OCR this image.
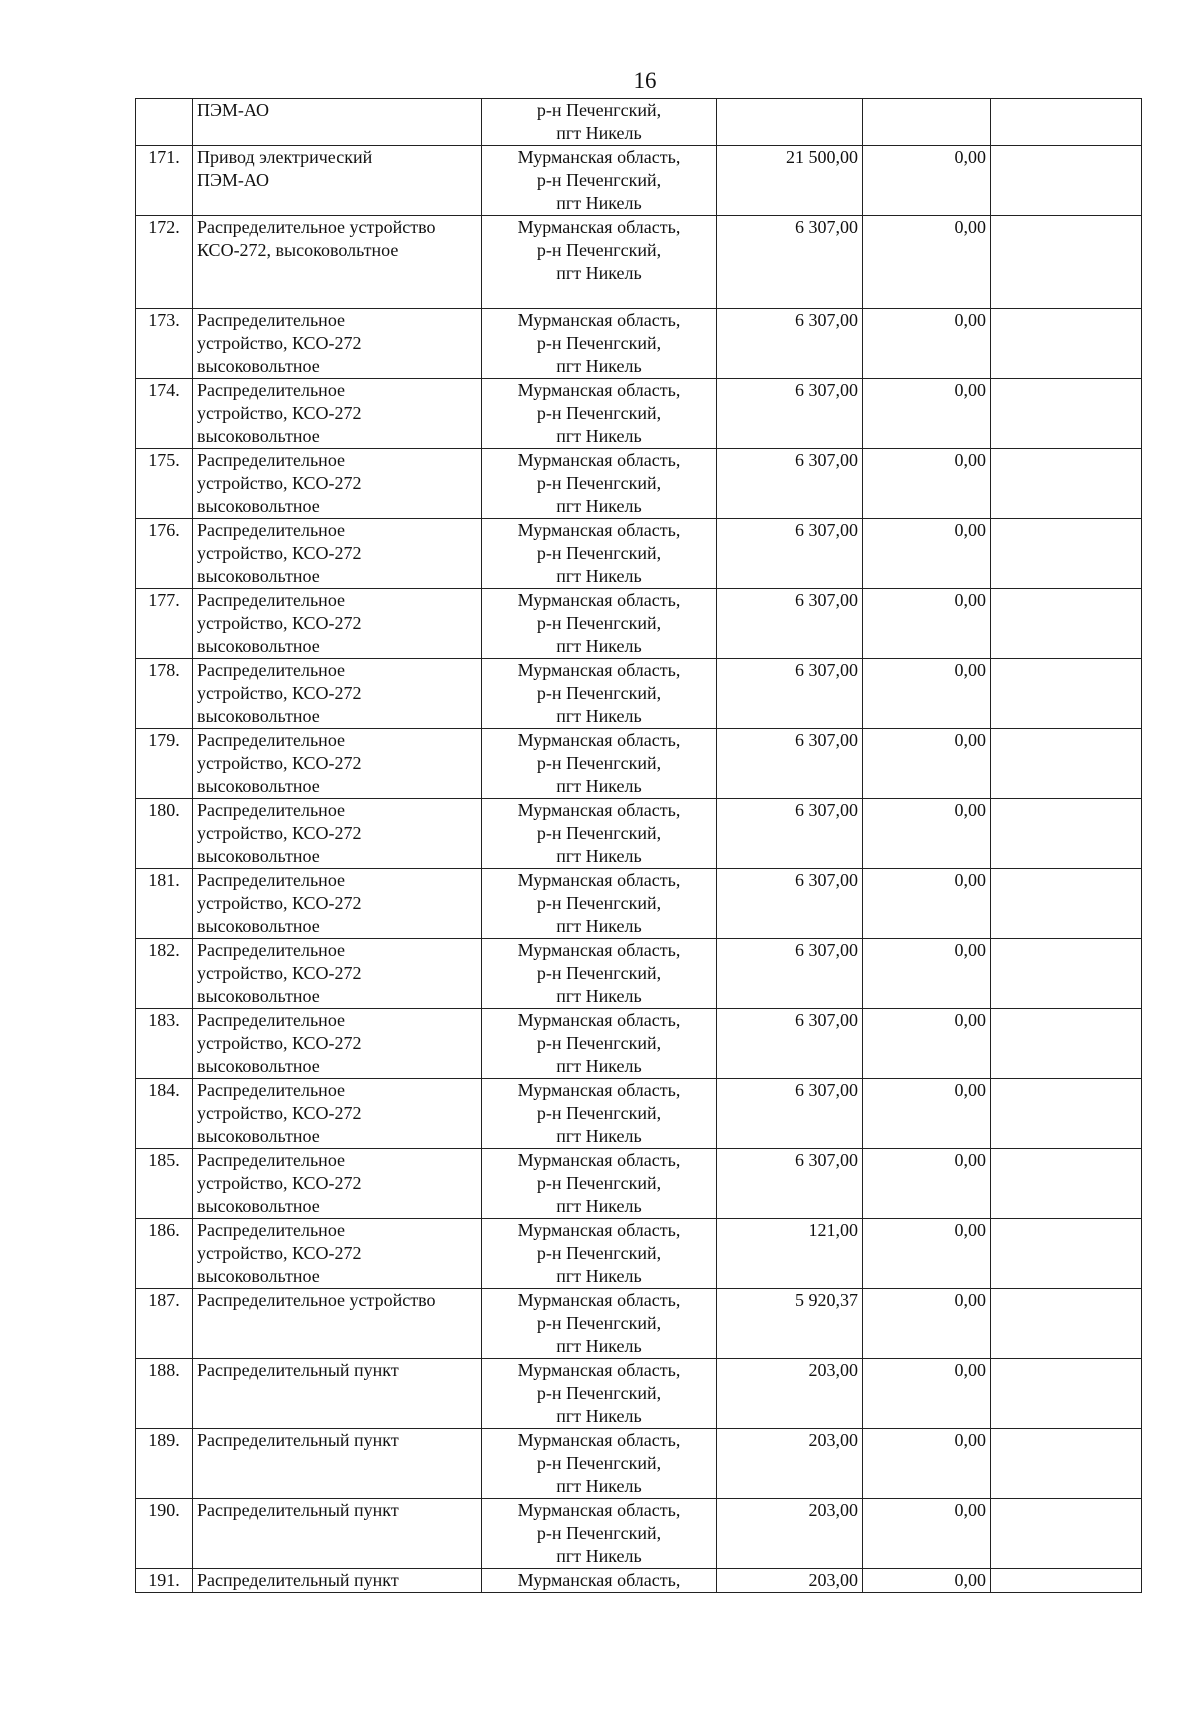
16

	ПЭМ-АО	р-н Печенгский,
пгт Никель			

171.	Привод электрический
ПЭМ-АО	Мурманская область,
р-н Печенгский,
пгт Никель	21 500,00	0,00	
172.	Распределительное устройство
КСО-272, высоковольтное	Мурманская область,
р-н Печенгский,
пгт Никель	6 307,00	0,00	
173.	Распределительное
устройство, КСО-272
высоковольтное	Мурманская область,
р-н Печенгский,
пгт Никель	6 307,00	0,00	
174.	Распределительное
устройство, КСО-272
высоковольтное	Мурманская область,
р-н Печенгский,
пгт Никель	6 307,00	0,00	
175.	Распределительное
устройство, КСО-272
высоковольтное	Мурманская область,
р-н Печенгский,
пгт Никель	6 307,00	0,00	
176.	Распределительное
устройство, КСО-272
высоковольтное	Мурманская область,
р-н Печенгский,
пгт Никель	6 307,00	0,00	
177.	Распределительное
устройство, КСО-272
высоковольтное	Мурманская область,
р-н Печенгский,
пгт Никель	6 307,00	0,00	
178.	Распределительное
устройство, КСО-272
высоковольтное	Мурманская область,
р-н Печенгский,
пгт Никель	6 307,00	0,00	
179.	Распределительное
устройство, КСО-272
высоковольтное	Мурманская область,
р-н Печенгский,
пгт Никель	6 307,00	0,00	
180.	Распределительное
устройство, КСО-272
высоковольтное	Мурманская область,
р-н Печенгский,
пгт Никель	6 307,00	0,00	
181.	Распределительное
устройство, КСО-272
высоковольтное	Мурманская область,
р-н Печенгский,
пгт Никель	6 307,00	0,00	
182.	Распределительное
устройство, КСО-272
высоковольтное	Мурманская область,
р-н Печенгский,
пгт Никель	6 307,00	0,00	
183.	Распределительное
устройство, КСО-272
высоковольтное	Мурманская область,
р-н Печенгский,
пгт Никель	6 307,00	0,00	
184.	Распределительное
устройство, КСО-272
высоковольтное	Мурманская область,
р-н Печенгский,
пгт Никель	6 307,00	0,00	
185.	Распределительное
устройство, КСО-272
высоковольтное	Мурманская область,
р-н Печенгский,
пгт Никель	6 307,00	0,00	
186.	Распределительное
устройство, КСО-272
высоковольтное	Мурманская область,
р-н Печенгский,
пгт Никель	121,00	0,00	
187.	Распределительное устройство	Мурманская область,
р-н Печенгский,
пгт Никель	5 920,37	0,00	
188.	Распределительный пункт	Мурманская область,
р-н Печенгский,
пгт Никель	203,00	0,00	
189.	Распределительный пункт	Мурманская область,
р-н Печенгский,
пгт Никель	203,00	0,00	
190.	Распределительный пункт	Мурманская область,
р-н Печенгский,
пгт Никель	203,00	0,00	
191.	Распределительный пункт	Мурманская область,	203,00	0,00	
